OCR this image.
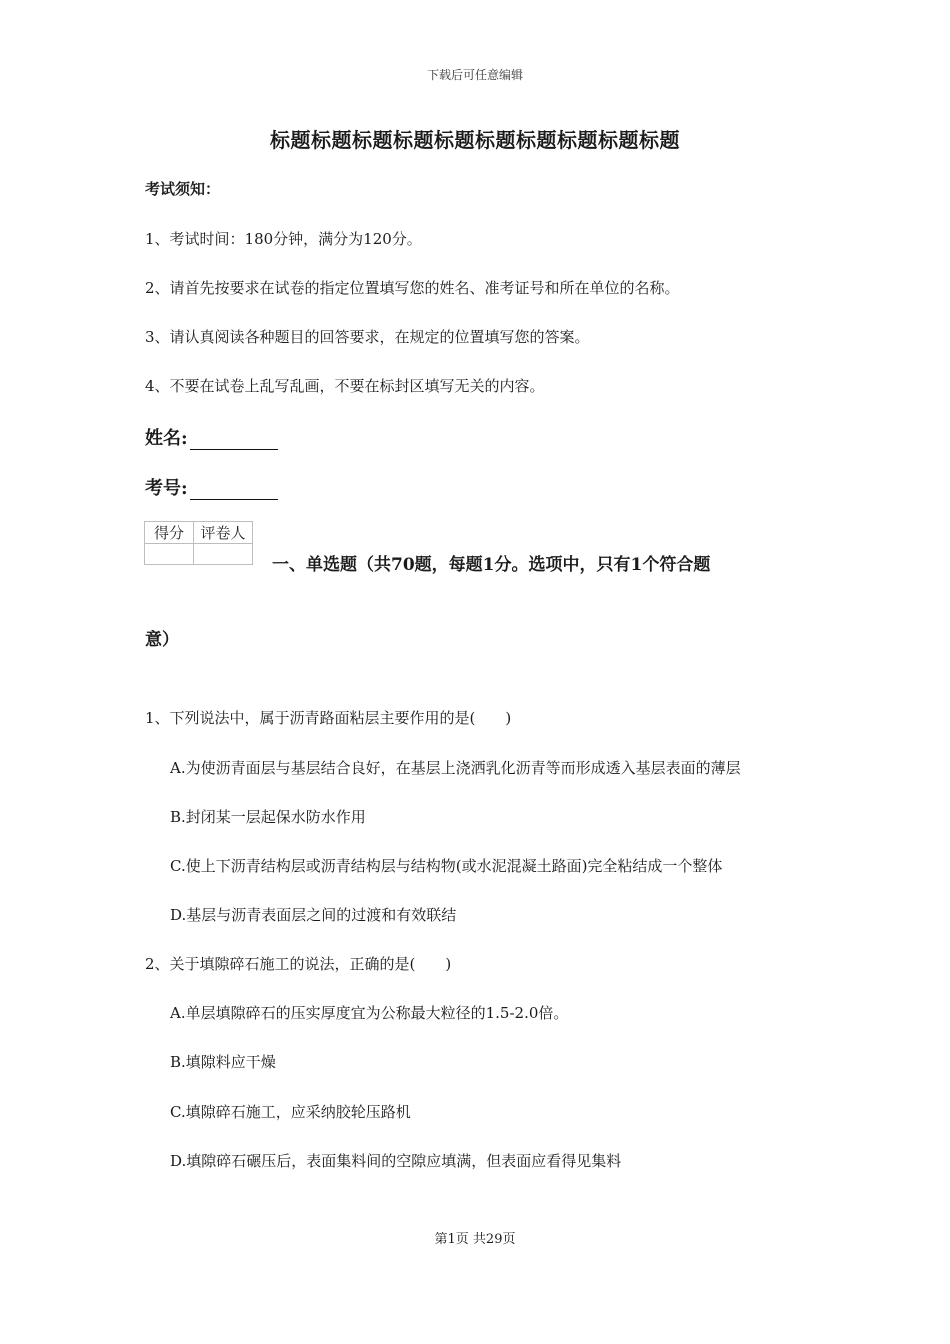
下载后可任意编辑
标题标题标题标题标题标题标题标题标题标题
考试须知：
1、考试时间：180分钟，满分为120分。
2、请首先按要求在试卷的指定位置填写您的姓名、准考证号和所在单位的名称。
3、请认真阅读各种题目的回答要求，在规定的位置填写您的答案。
4、不要在试卷上乱写乱画，不要在标封区填写无关的内容。
姓名:
考号:
得分	评卷人

一、单选题（共70题，每题1分。选项中，只有1个符合题
意）
1、下列说法中，属于沥青路面粘层主要作用的是(　　)
A.为使沥青面层与基层结合良好，在基层上浇洒乳化沥青等而形成透入基层表面的薄层
B.封闭某一层起保水防水作用
C.使上下沥青结构层或沥青结构层与结构物(或水泥混凝土路面)完全粘结成一个整体
D.基层与沥青表面层之间的过渡和有效联结
2、关于填隙碎石施工的说法，正确的是(　　)
A.单层填隙碎石的压实厚度宜为公称最大粒径的1.5-2.0倍。
B.填隙料应干燥
C.填隙碎石施工，应采纳胶轮压路机
D.填隙碎石碾压后，表面集料间的空隙应填满，但表面应看得见集料
第1页 共29页
